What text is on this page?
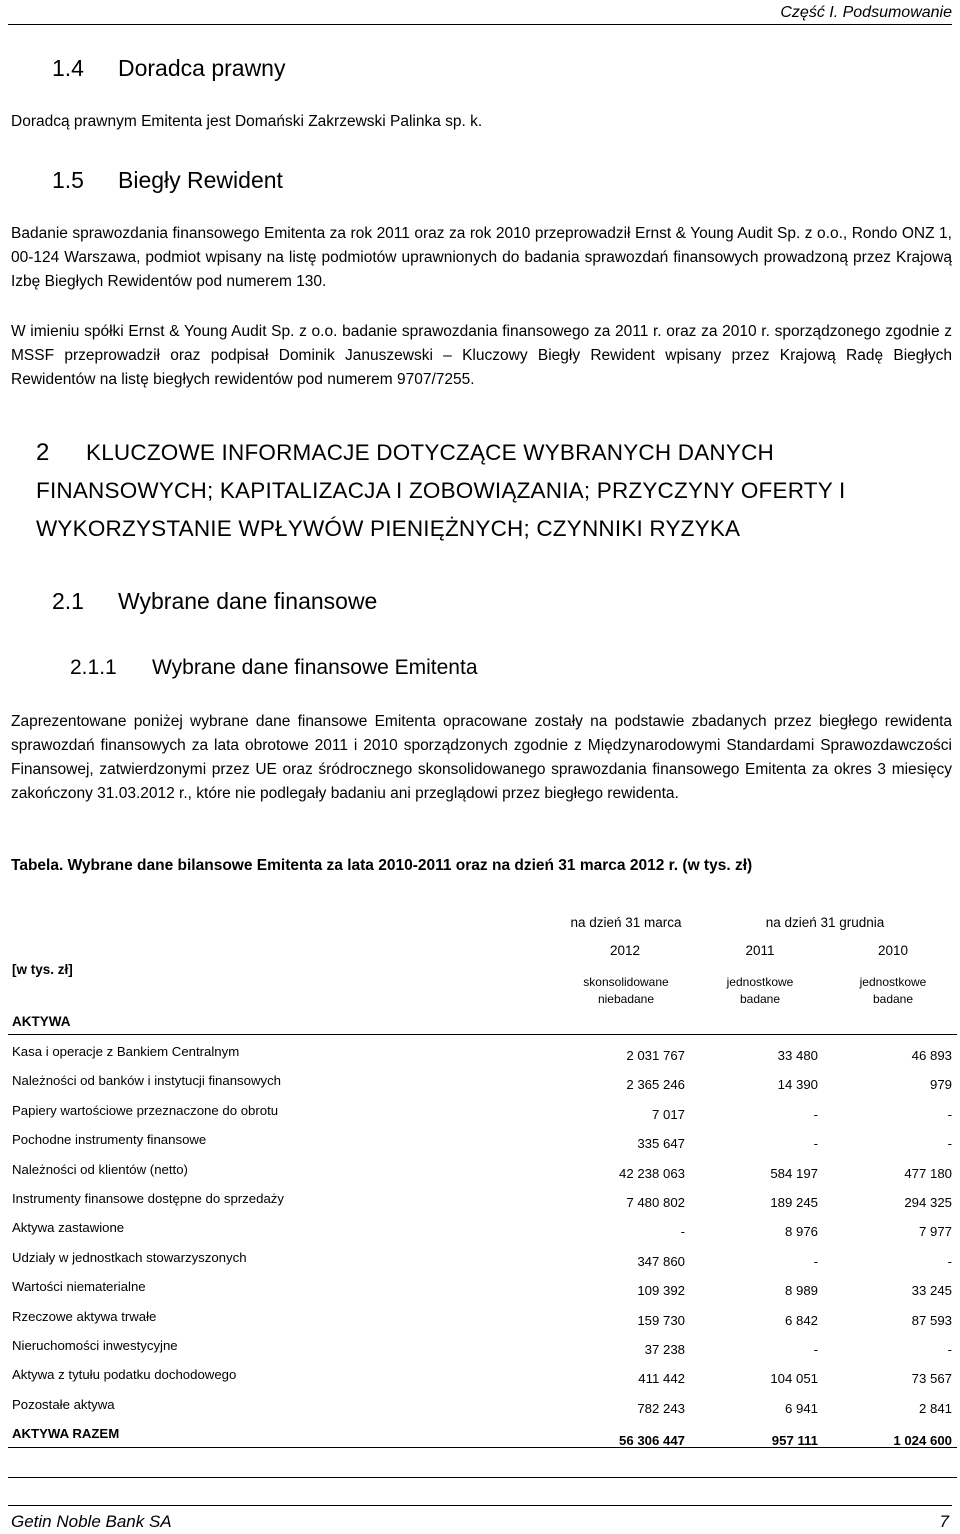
Część I. Podsumowanie
1.4 Doradca prawny
Doradcą prawnym Emitenta jest Domański Zakrzewski Palinka sp. k.
1.5 Biegły Rewident
Badanie sprawozdania finansowego Emitenta za rok 2011 oraz za rok 2010 przeprowadził Ernst & Young Audit Sp. z o.o., Rondo ONZ 1, 00-124 Warszawa, podmiot wpisany na listę podmiotów uprawnionych do badania sprawozdań finansowych prowadzoną przez Krajową Izbę Biegłych Rewidentów pod numerem 130.
W imieniu spółki Ernst & Young Audit Sp. z o.o. badanie sprawozdania finansowego za 2011 r. oraz za 2010 r. sporządzonego zgodnie z MSSF przeprowadził oraz podpisał Dominik Januszewski – Kluczowy Biegły Rewident wpisany przez Krajową Radę Biegłych Rewidentów na listę biegłych rewidentów pod numerem 9707/7255.
2 KLUCZOWE INFORMACJE DOTYCZĄCE WYBRANYCH DANYCH FINANSOWYCH; KAPITALIZACJA I ZOBOWIĄZANIA; PRZYCZYNY OFERTY I WYKORZYSTANIE WPŁYWÓW PIENIĘŻNYCH; CZYNNIKI RYZYKA
2.1 Wybrane dane finansowe
2.1.1 Wybrane dane finansowe Emitenta
Zaprezentowane poniżej wybrane dane finansowe Emitenta opracowane zostały na podstawie zbadanych przez biegłego rewidenta sprawozdań finansowych za lata obrotowe 2011 i 2010 sporządzonych zgodnie z Międzynarodowymi Standardami Sprawozdawczości Finansowej, zatwierdzonymi przez UE oraz śródrocznego skonsolidowanego sprawozdania finansowego Emitenta za okres 3 miesięcy zakończony 31.03.2012 r., które nie podlegały badaniu ani przeglądowi przez biegłego rewidenta.
Tabela. Wybrane dane bilansowe Emitenta za lata 2010-2011 oraz na dzień 31 marca 2012 r. (w tys. zł)
na dzień 31 marca	na dzień 31 grudnia
[w tys. zł]
2012	2011	2010
skonsolidowane niebadane
jednostkowe badane
jednostkowe badane
AKTYWA
Kasa i operacje z Bankiem Centralnym	2 031 767	33 480	46 893
Należności od banków i instytucji finansowych	2 365 246	14 390	979
Papiery wartościowe przeznaczone do obrotu	7 017	-	-
Pochodne instrumenty finansowe	335 647	-	-
Należności od klientów (netto)	42 238 063	584 197	477 180
Instrumenty finansowe dostępne do sprzedaży	7 480 802	189 245	294 325
Aktywa zastawione	-	8 976	7 977
Udziały w jednostkach stowarzyszonych	347 860	-	-
Wartości niematerialne	109 392	8 989	33 245
Rzeczowe aktywa trwałe	159 730	6 842	87 593
Nieruchomości inwestycyjne	37 238	-	-
Aktywa z tytułu podatku dochodowego	411 442	104 051	73 567
Pozostałe aktywa	782 243	6 941	2 841
AKTYWA RAZEM	56 306 447	957 111	1 024 600
Getin Noble Bank SA	7
